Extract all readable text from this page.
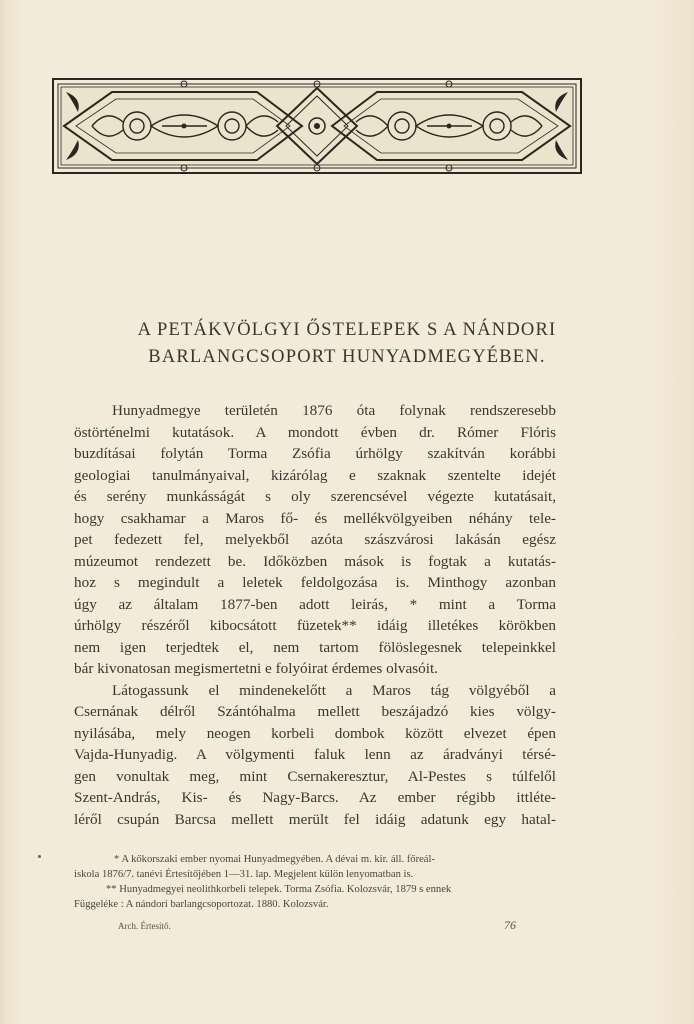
A PETÁKVÖLGYI ŐSTELEPEK S A NÁNDORI
BARLANGCSOPORT HUNYADMEGYÉBEN.
Hunyadmegye területén 1876 óta folynak rendszeresebb
östörténelmi kutatások. A mondott évben dr. Rómer Flóris
buzdításai folytán Torma Zsófia úrhölgy szakítván korábbi
geologiai tanulmányaival, kizárólag e szaknak szentelte idejét
és serény munkásságát s oly szerencsével végezte kutatásait,
hogy csakhamar a Maros fő- és mellékvölgyeiben néhány tele-
pet fedezett fel, melyekből azóta szászvárosi lakásán egész
múzeumot rendezett be. Időközben mások is fogtak a kutatás-
hoz s megindult a leletek feldolgozása is. Minthogy azonban
úgy az általam 1877-ben adott leirás, * mint a Torma
úrhölgy részéről kibocsátott füzetek** idáig illetékes körökben
nem igen terjedtek el, nem tartom fölöslegesnek telepeinkkel
bár kivonatosan megismertetni e folyóirat érdemes olvasóit.
Látogassunk el mindenekelőtt a Maros tág völgyéből a
Csernának délről Szántóhalma mellett beszájadzó kies völgy-
nyilásába, mely neogen korbeli dombok között elvezet épen
Vajda-Hunyadig. A völgymenti faluk lenn az áradványi térsé-
gen vonultak meg, mint Csernakeresztur, Al-Pestes s túlfelől
Szent-András, Kis- és Nagy-Barcs. Az ember régibb ittléte-
léről csupán Barcsa mellett merült fel idáig adatunk egy hatal-
* A kőkorszaki ember nyomai Hunyadmegyében. A dévai m. kir. áll. főreál-
iskola 1876/7. tanévi Értesítőjében 1—31. lap. Megjelent külön lenyomatban is.
** Hunyadmegyei neolithkorbeli telepek. Torma Zsófia. Kolozsvár, 1879 s ennek
Függeléke : A nándori barlangcsoportozat. 1880. Kolozsvár.
Arch. Értesítő.	76
